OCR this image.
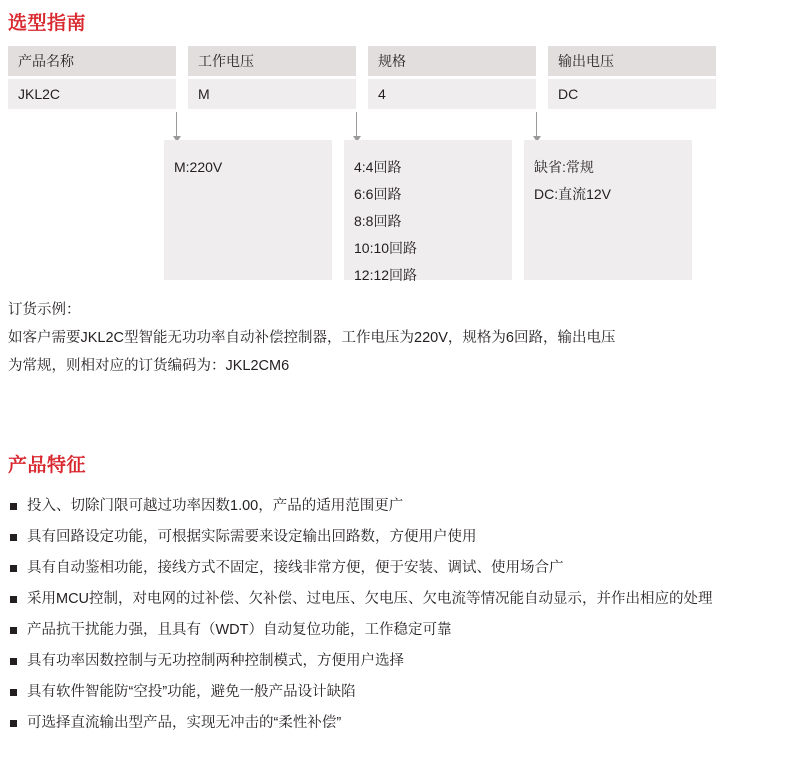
选型指南
产品名称	工作电压	规格	输出电压
JKL2C	M	4	DC
M:220V	4:4回路
6:6回路
8:8回路
10:10回路
12:12回路
缺省:常规
DC:直流12V

订货示例：

如客户需要JKL2C型智能无功功率自动补偿控制器，工作电压为220V，规格为6回路，输出电压

为常规，则相对应的订货编码为：JKL2CM6

产品特征
投入、切除门限可越过功率因数1.00，产品的适用范围更广
具有回路设定功能，可根据实际需要来设定输出回路数，方便用户使用
具有自动鉴相功能，接线方式不固定，接线非常方便，便于安装、调试、使用场合广
采用MCU控制，对电网的过补偿、欠补偿、过电压、欠电压、欠电流等情况能自动显示，并作出相应的处理
产品抗干扰能力强，且具有（WDT）自动复位功能，工作稳定可靠
具有功率因数控制与无功控制两种控制模式，方便用户选择
具有软件智能防“空投”功能，避免一般产品设计缺陷
可选择直流输出型产品，实现无冲击的“柔性补偿”
